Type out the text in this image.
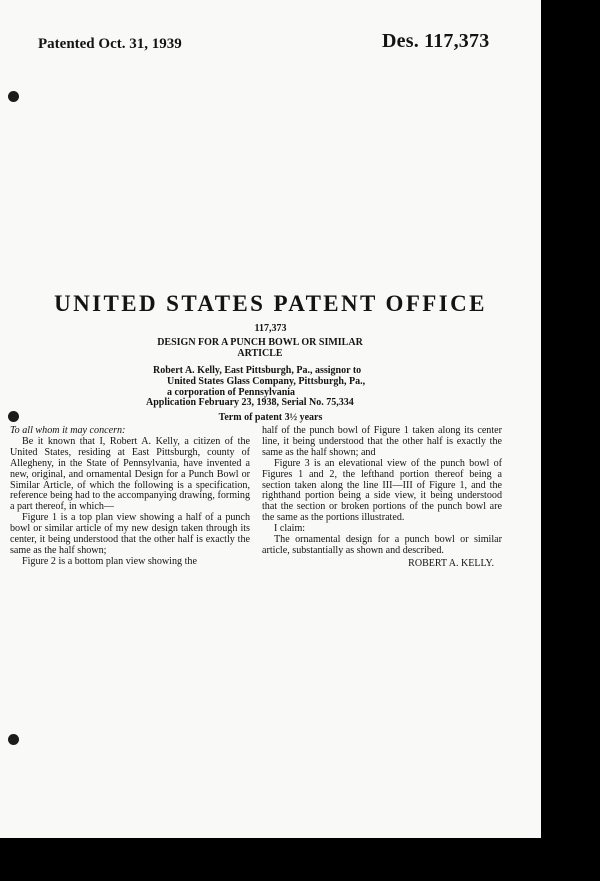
Patented Oct. 31, 1939	Des. 117,373
UNITED STATES PATENT OFFICE
117,373
DESIGN FOR A PUNCH BOWL OR SIMILAR ARTICLE
Robert A. Kelly, East Pittsburgh, Pa., assignor to
United States Glass Company, Pittsburgh, Pa.,
a corporation of Pennsylvania
Application February 23, 1938, Serial No. 75,334
Term of patent 3½ years

To all whom it may concern:

Be it known that I, Robert A. Kelly, a citizen of the United States, residing at East Pittsburgh, county of Allegheny, in the State of Pennsylvania, have invented a new, original, and ornamental Design for a Punch Bowl or Similar Article, of which the following is a specification, reference being had to the accompanying drawing, forming a part thereof, in which—

Figure 1 is a top plan view showing a half of a punch bowl or similar article of my new design taken through its center, it being understood that the other half is exactly the same as the half shown;

Figure 2 is a bottom plan view showing the

half of the punch bowl of Figure 1 taken along its center line, it being understood that the other half is exactly the same as the half shown; and

Figure 3 is an elevational view of the punch bowl of Figures 1 and 2, the lefthand portion thereof being a section taken along the line III—III of Figure 1, and the righthand portion being a side view, it being understood that the section or broken portions of the punch bowl are the same as the portions illustrated.

I claim:

The ornamental design for a punch bowl or similar article, substantially as shown and described.

ROBERT A. KELLY.
